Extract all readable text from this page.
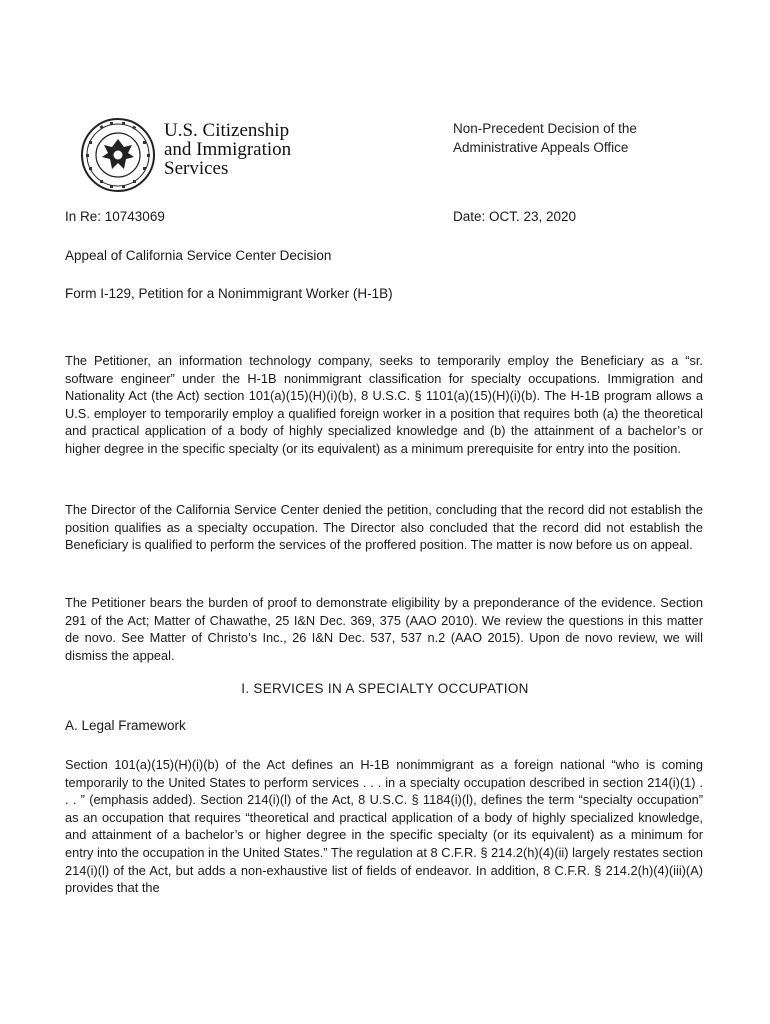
U.S. Citizenship
and Immigration
Services
Non-Precedent Decision of the
Administrative Appeals Office
In Re: 10743069	Date: OCT. 23, 2020
Appeal of California Service Center Decision
Form I-129, Petition for a Nonimmigrant Worker (H-1B)

The Petitioner, an information technology company, seeks to temporarily employ the Beneficiary as a “sr. software engineer” under the H-1B nonimmigrant classification for specialty occupations. Immigration and Nationality Act (the Act) section 101(a)(15)(H)(i)(b), 8 U.S.C. § 1101(a)(15)(H)(i)(b). The H-1B program allows a U.S. employer to temporarily employ a qualified foreign worker in a position that requires both (a) the theoretical and practical application of a body of highly specialized knowledge and (b) the attainment of a bachelor’s or higher degree in the specific specialty (or its equivalent) as a minimum prerequisite for entry into the position.

The Director of the California Service Center denied the petition, concluding that the record did not establish the position qualifies as a specialty occupation. The Director also concluded that the record did not establish the Beneficiary is qualified to perform the services of the proffered position. The matter is now before us on appeal.

The Petitioner bears the burden of proof to demonstrate eligibility by a preponderance of the evidence. Section 291 of the Act; Matter of Chawathe, 25 I&N Dec. 369, 375 (AAO 2010). We review the questions in this matter de novo. See Matter of Christo’s Inc., 26 I&N Dec. 537, 537 n.2 (AAO 2015). Upon de novo review, we will dismiss the appeal.

I. SERVICES IN A SPECIALTY OCCUPATION
A. Legal Framework

Section 101(a)(15)(H)(i)(b) of the Act defines an H-1B nonimmigrant as a foreign national “who is coming temporarily to the United States to perform services . . . in a specialty occupation described in section 214(i)(1) . . . ” (emphasis added). Section 214(i)(l) of the Act, 8 U.S.C. § 1184(i)(l), defines the term “specialty occupation” as an occupation that requires “theoretical and practical application of a body of highly specialized knowledge, and attainment of a bachelor’s or higher degree in the specific specialty (or its equivalent) as a minimum for entry into the occupation in the United States.” The regulation at 8 C.F.R. § 214.2(h)(4)(ii) largely restates section 214(i)(l) of the Act, but adds a non-exhaustive list of fields of endeavor. In addition, 8 C.F.R. § 214.2(h)(4)(iii)(A) provides that the
